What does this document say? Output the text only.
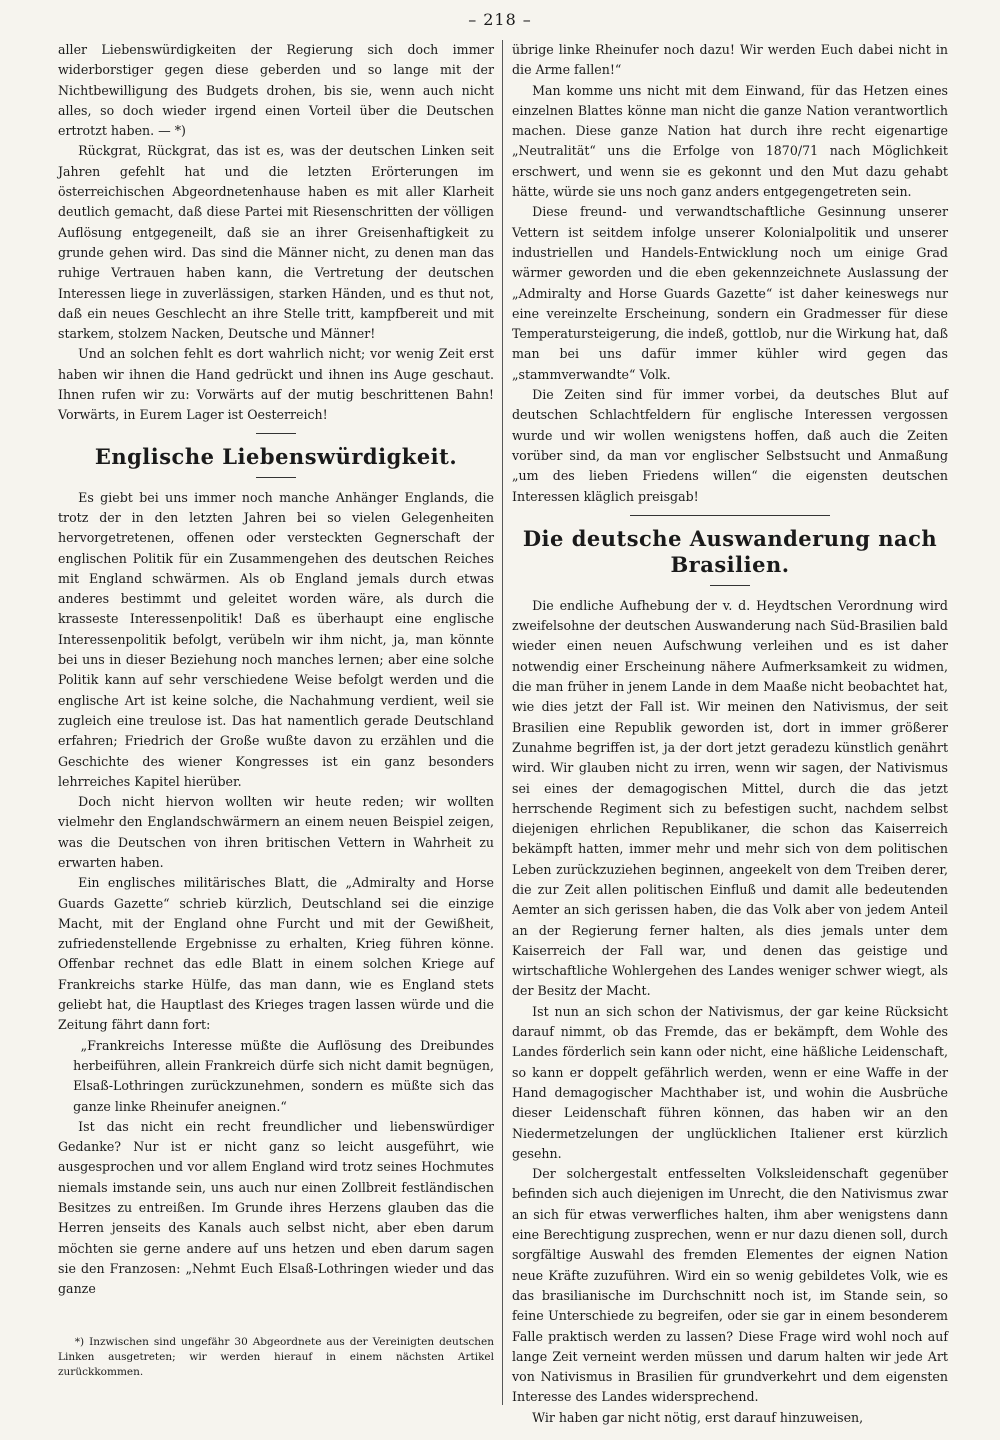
– 218 –

aller Liebenswürdigkeiten der Regierung sich doch immer widerborstiger gegen diese geberden und so lange mit der Nichtbewilligung des Budgets drohen, bis sie, wenn auch nicht alles, so doch wieder irgend einen Vorteil über die Deutschen ertrotzt haben. — *)

Rückgrat, Rückgrat, das ist es, was der deutschen Linken seit Jahren gefehlt hat und die letzten Erörterungen im österreichischen Abgeordnetenhause haben es mit aller Klarheit deutlich gemacht, daß diese Partei mit Riesenschritten der völligen Auflösung entgegeneilt, daß sie an ihrer Greisenhaftigkeit zu grunde gehen wird. Das sind die Männer nicht, zu denen man das ruhige Vertrauen haben kann, die Vertretung der deutschen Interessen liege in zuverlässigen, starken Händen, und es thut not, daß ein neues Geschlecht an ihre Stelle tritt, kampfbereit und mit starkem, stolzem Nacken, Deutsche und Männer!

Und an solchen fehlt es dort wahrlich nicht; vor wenig Zeit erst haben wir ihnen die Hand gedrückt und ihnen ins Auge geschaut. Ihnen rufen wir zu: Vorwärts auf der mutig beschrittenen Bahn! Vorwärts, in Eurem Lager ist Oesterreich!

Englische Liebenswürdigkeit.

Es giebt bei uns immer noch manche Anhänger Englands, die trotz der in den letzten Jahren bei so vielen Gelegenheiten hervorgetretenen, offenen oder versteckten Gegnerschaft der englischen Politik für ein Zusammengehen des deutschen Reiches mit England schwärmen. Als ob England jemals durch etwas anderes bestimmt und geleitet worden wäre, als durch die krasseste Interessenpolitik! Daß es überhaupt eine englische Interessenpolitik befolgt, verübeln wir ihm nicht, ja, man könnte bei uns in dieser Beziehung noch manches lernen; aber eine solche Politik kann auf sehr verschiedene Weise befolgt werden und die englische Art ist keine solche, die Nachahmung verdient, weil sie zugleich eine treulose ist. Das hat namentlich gerade Deutschland erfahren; Friedrich der Große wußte davon zu erzählen und die Geschichte des wiener Kongresses ist ein ganz besonders lehrreiches Kapitel hierüber.

Doch nicht hiervon wollten wir heute reden; wir wollten vielmehr den Englandschwärmern an einem neuen Beispiel zeigen, was die Deutschen von ihren britischen Vettern in Wahrheit zu erwarten haben.

Ein englisches militärisches Blatt, die „Admiralty and Horse Guards Gazette“ schrieb kürzlich, Deutschland sei die einzige Macht, mit der England ohne Furcht und mit der Gewißheit, zufriedenstellende Ergebnisse zu erhalten, Krieg führen könne. Offenbar rechnet das edle Blatt in einem solchen Kriege auf Frankreichs starke Hülfe, das man dann, wie es England stets geliebt hat, die Hauptlast des Krieges tragen lassen würde und die Zeitung fährt dann fort:

„Frankreichs Interesse müßte die Auflösung des Dreibundes herbeiführen, allein Frankreich dürfe sich nicht damit begnügen, Elsaß-Lothringen zurückzunehmen, sondern es müßte sich das ganze linke Rheinufer aneignen.“

Ist das nicht ein recht freundlicher und liebenswürdiger Gedanke? Nur ist er nicht ganz so leicht ausgeführt, wie ausgesprochen und vor allem England wird trotz seines Hochmutes niemals imstande sein, uns auch nur einen Zollbreit festländischen Besitzes zu entreißen. Im Grunde ihres Herzens glauben das die Herren jenseits des Kanals auch selbst nicht, aber eben darum möchten sie gerne andere auf uns hetzen und eben darum sagen sie den Franzosen: „Nehmt Euch Elsaß-Lothringen wieder und das ganze

*) Inzwischen sind ungefähr 30 Abgeordnete aus der Vereinigten deutschen Linken ausgetreten; wir werden hierauf in einem nächsten Artikel zurückkommen.

übrige linke Rheinufer noch dazu! Wir werden Euch dabei nicht in die Arme fallen!“

Man komme uns nicht mit dem Einwand, für das Hetzen eines einzelnen Blattes könne man nicht die ganze Nation verantwortlich machen. Diese ganze Nation hat durch ihre recht eigenartige „Neutralität“ uns die Erfolge von 1870/71 nach Möglichkeit erschwert, und wenn sie es gekonnt und den Mut dazu gehabt hätte, würde sie uns noch ganz anders entgegengetreten sein.

Diese freund- und verwandtschaftliche Gesinnung unserer Vettern ist seitdem infolge unserer Kolonialpolitik und unserer industriellen und Handels-Entwicklung noch um einige Grad wärmer geworden und die eben gekennzeichnete Auslassung der „Admiralty and Horse Guards Gazette“ ist daher keineswegs nur eine vereinzelte Erscheinung, sondern ein Gradmesser für diese Temperatursteigerung, die indeß, gottlob, nur die Wirkung hat, daß man bei uns dafür immer kühler wird gegen das „stammverwandte“ Volk.

Die Zeiten sind für immer vorbei, da deutsches Blut auf deutschen Schlachtfeldern für englische Interessen vergossen wurde und wir wollen wenigstens hoffen, daß auch die Zeiten vorüber sind, da man vor englischer Selbstsucht und Anmaßung „um des lieben Friedens willen“ die eigensten deutschen Interessen kläglich preisgab!

Die deutsche Auswanderung nach Brasilien.

Die endliche Aufhebung der v. d. Heydtschen Verordnung wird zweifelsohne der deutschen Auswanderung nach Süd-Brasilien bald wieder einen neuen Aufschwung verleihen und es ist daher notwendig einer Erscheinung nähere Aufmerksamkeit zu widmen, die man früher in jenem Lande in dem Maaße nicht beobachtet hat, wie dies jetzt der Fall ist. Wir meinen den Nativismus, der seit Brasilien eine Republik geworden ist, dort in immer größerer Zunahme begriffen ist, ja der dort jetzt geradezu künstlich genährt wird. Wir glauben nicht zu irren, wenn wir sagen, der Nativismus sei eines der demagogischen Mittel, durch die das jetzt herrschende Regiment sich zu befestigen sucht, nachdem selbst diejenigen ehrlichen Republikaner, die schon das Kaiserreich bekämpft hatten, immer mehr und mehr sich von dem politischen Leben zurückzuziehen beginnen, angeekelt von dem Treiben derer, die zur Zeit allen politischen Einfluß und damit alle bedeutenden Aemter an sich gerissen haben, die das Volk aber von jedem Anteil an der Regierung ferner halten, als dies jemals unter dem Kaiserreich der Fall war, und denen das geistige und wirtschaftliche Wohlergehen des Landes weniger schwer wiegt, als der Besitz der Macht.

Ist nun an sich schon der Nativismus, der gar keine Rücksicht darauf nimmt, ob das Fremde, das er bekämpft, dem Wohle des Landes förderlich sein kann oder nicht, eine häßliche Leidenschaft, so kann er doppelt gefährlich werden, wenn er eine Waffe in der Hand demagogischer Machthaber ist, und wohin die Ausbrüche dieser Leidenschaft führen können, das haben wir an den Niedermetzelungen der unglücklichen Italiener erst kürzlich gesehn.

Der solchergestalt entfesselten Volksleidenschaft gegenüber befinden sich auch diejenigen im Unrecht, die den Nativismus zwar an sich für etwas verwerfliches halten, ihm aber wenigstens dann eine Berechtigung zusprechen, wenn er nur dazu dienen soll, durch sorgfältige Auswahl des fremden Elementes der eignen Nation neue Kräfte zuzuführen. Wird ein so wenig gebildetes Volk, wie es das brasilianische im Durchschnitt noch ist, im Stande sein, so feine Unterschiede zu begreifen, oder sie gar in einem besonderem Falle praktisch werden zu lassen? Diese Frage wird wohl noch auf lange Zeit verneint werden müssen und darum halten wir jede Art von Nativismus in Brasilien für grundverkehrt und dem eigensten Interesse des Landes widersprechend.

Wir haben gar nicht nötig, erst darauf hinzuweisen,
